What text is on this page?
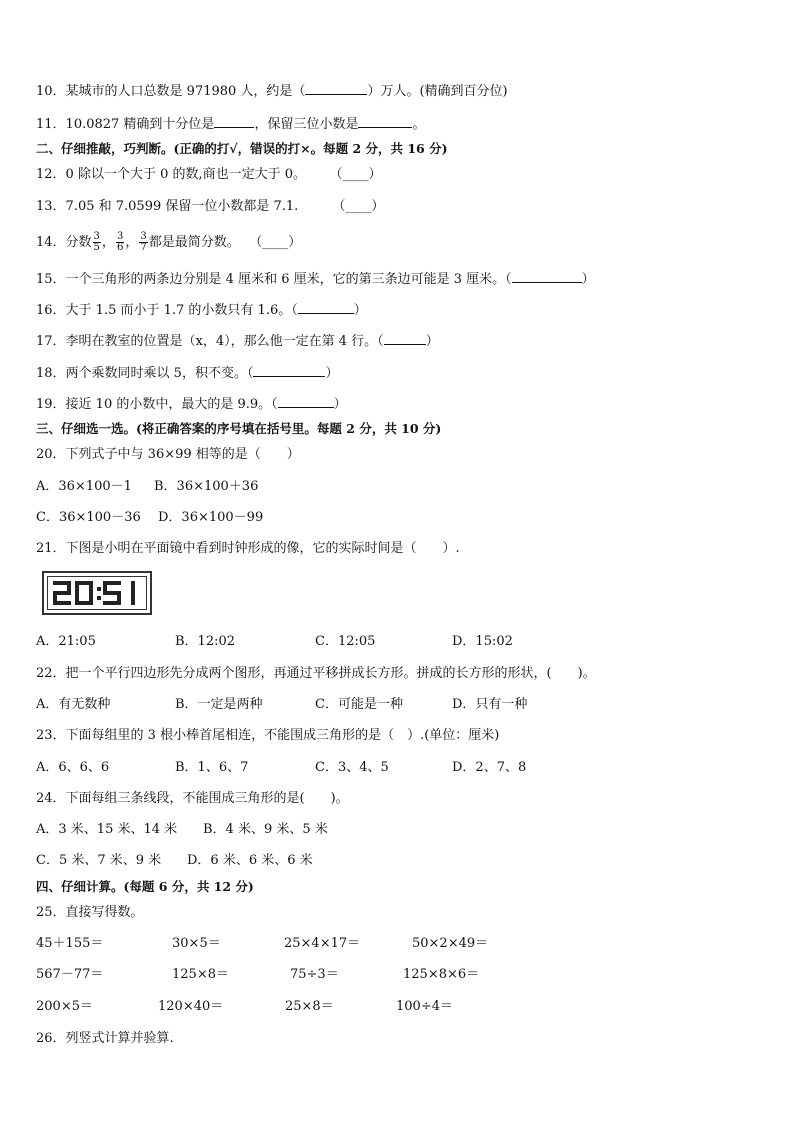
10．某城市的人口总数是 971980 人，约是（	）万人。(精确到百分位)
11．10.0827 精确到十分位是	，保留三位小数是	。
二、仔细推敲，巧判断。(正确的打√，错误的打×。每题 2 分，共 16 分)
12．0 除以一个大于 0 的数,商也一定大于 0。 （____）
13．7.05 和 7.0599 保留一位小数都是 7.1.	（____）
14．分数 $\frac{3}{5}$ ， $\frac{3}{6}$ ， $\frac{3}{7}$ 都是最简分数。 （____）
15．一个三角形的两条边分别是 4 厘米和 6 厘米，它的第三条边可能是 3 厘米。（	）
16．大于 1.5 而小于 1.7 的小数只有 1.6。（	）
17．李明在教室的位置是（x，4），那么他一定在第 4 行。（	）
18．两个乘数同时乘以 5，积不变。（	）
19．接近 10 的小数中，最大的是 9.9。（	）
三、仔细选一选。(将正确答案的序号填在括号里。每题 2 分，共 10 分)
20．下列式子中与 36×99 相等的是（　　）
A．36×100－1 B．36×100＋36
C．36×100－36 D．36×100－99
21．下图是小明在平面镜中看到时钟形成的像，它的实际时间是（　　）.
A．21:05	B．12:02	C．12:05	D．15:02
22．把一个平行四边形先分成两个图形，再通过平移拼成长方形。拼成的长方形的形状，(　　)。
A．有无数种	B．一定是两种	C．可能是一种	D．只有一种
23．下面每组里的 3 根小棒首尾相连，不能围成三角形的是（　）.(单位：厘米)
A．6、6、6	B．1、6、7	C．3、4、5	D．2、7、8
24．下面每组三条线段，不能围成三角形的是(　　)。
A．3 米、15 米、14 米 B．4 米、9 米、5 米
C．5 米、7 米、9 米 D．6 米、6 米、6 米
四、仔细计算。(每题 6 分，共 12 分)
25．直接写得数。
45＋155＝	30×5＝	25×4×17＝	50×2×49＝
567－77＝	125×8＝	75÷3＝	125×8×6＝
200×5＝	120×40＝	25×8＝	100÷4＝
26．列竖式计算并验算.
